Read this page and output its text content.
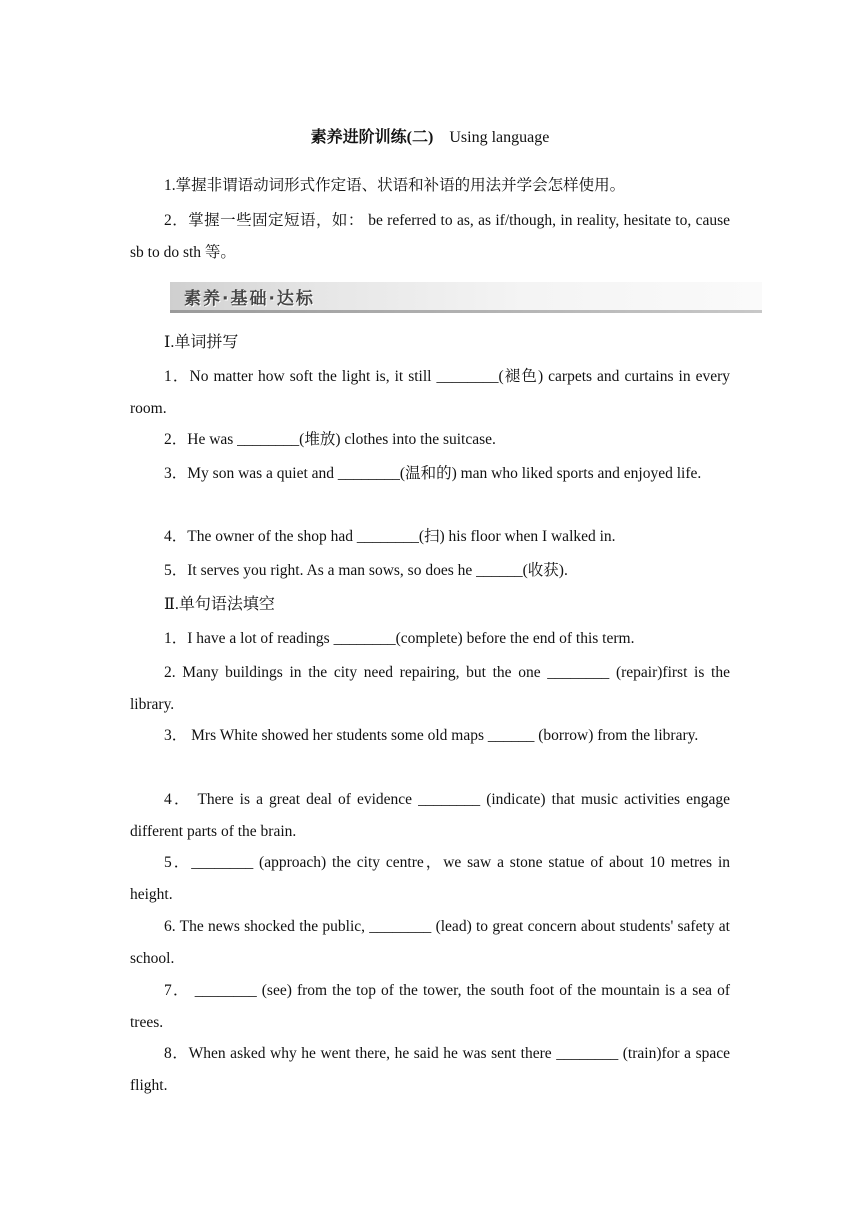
素养进阶训练(二) Using language
1.掌握非谓语动词形式作定语、状语和补语的用法并学会怎样使用。
2．掌握一些固定短语，如： be referred to as, as if/though, in reality, hesitate to, cause sb to do sth 等。
素养·基础·达标
Ⅰ.单词拼写
1．No matter how soft the light is, it still ________(褪色) carpets and curtains in every room.
2．He was ________(堆放) clothes into the suitcase.
3．My son was a quiet and ________(温和的) man who liked sports and enjoyed life.
4．The owner of the shop had ________(扫) his floor when I walked in.
5．It serves you right. As a man sows, so does he ______(收获).
Ⅱ.单句语法填空
1．I have a lot of readings ________(complete) before the end of this term.
2. Many buildings in the city need repairing, but the one ________ (repair)first is the library.
3． Mrs White showed her students some old maps ______ (borrow) from the library.
4． There is a great deal of evidence ________ (indicate) that music activities engage different parts of the brain.
5．________ (approach) the city centre，we saw a stone statue of about 10 metres in height.
6. The news shocked the public, ________ (lead) to great concern about students' safety at school.
7． ________ (see) from the top of the tower, the south foot of the mountain is a sea of trees.
8．When asked why he went there, he said he was sent there ________ (train)for a space flight.
